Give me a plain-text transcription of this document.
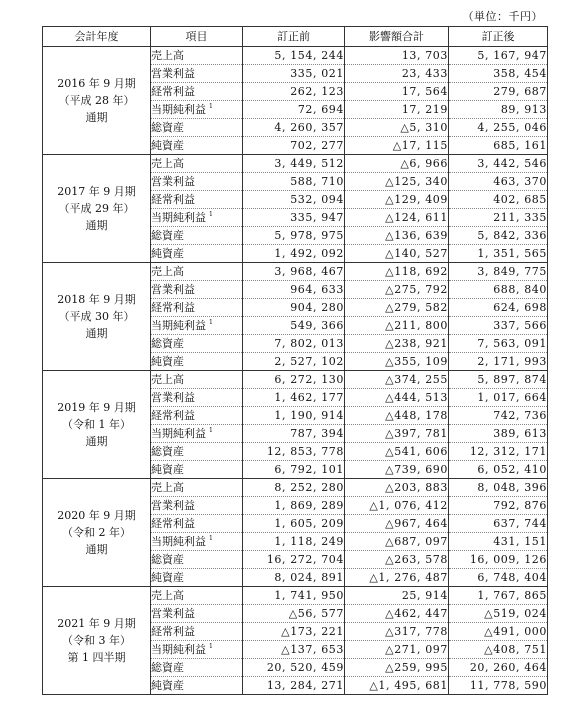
（単位：千円）
会計年度	項目	訂正前	影響額合計	訂正後

2016 年 9 月期
（平成 28 年）
通期	売上高	5, 154, 244	13, 703	5, 167, 947
	営業利益	335, 021	23, 433	358, 454
	経常利益	262, 123	17, 564	279, 687
	当期純利益 $^1$	72, 694	17, 219	89, 913
	総資産	4, 260, 357	△5, 310	4, 255, 046
	純資産	702, 277	△17, 115	685, 161

2017 年 9 月期
（平成 29 年）
通期	売上高	3, 449, 512	△6, 966	3, 442, 546
	営業利益	588, 710	△125, 340	463, 370
	経常利益	532, 094	△129, 409	402, 685
	当期純利益 $^1$	335, 947	△124, 611	211, 335
	総資産	5, 978, 975	△136, 639	5, 842, 336
	純資産	1, 492, 092	△140, 527	1, 351, 565

2018 年 9 月期
（平成 30 年）
通期	売上高	3, 968, 467	△118, 692	3, 849, 775
	営業利益	964, 633	△275, 792	688, 840
	経常利益	904, 280	△279, 582	624, 698
	当期純利益 $^1$	549, 366	△211, 800	337, 566
	総資産	7, 802, 013	△238, 921	7, 563, 091
	純資産	2, 527, 102	△355, 109	2, 171, 993

2019 年 9 月期
（令和 1 年）
通期	売上高	6, 272, 130	△374, 255	5, 897, 874
	営業利益	1, 462, 177	△444, 513	1, 017, 664
	経常利益	1, 190, 914	△448, 178	742, 736
	当期純利益 $^1$	787, 394	△397, 781	389, 613
	総資産	12, 853, 778	△541, 606	12, 312, 171
	純資産	6, 792, 101	△739, 690	6, 052, 410

2020 年 9 月期
（令和 2 年）
通期	売上高	8, 252, 280	△203, 883	8, 048, 396
	営業利益	1, 869, 289	△1, 076, 412	792, 876
	経常利益	1, 605, 209	△967, 464	637, 744
	当期純利益 $^1$	1, 118, 249	△687, 097	431, 151
	総資産	16, 272, 704	△263, 578	16, 009, 126
	純資産	8, 024, 891	△1, 276, 487	6, 748, 404

2021 年 9 月期
（令和 3 年）
第 1 四半期	売上高	1, 741, 950	25, 914	1, 767, 865
	営業利益	△56, 577	△462, 447	△519, 024
	経常利益	△173, 221	△317, 778	△491, 000
	当期純利益 $^1$	△137, 653	△271, 097	△408, 751
	総資産	20, 520, 459	△259, 995	20, 260, 464
	純資産	13, 284, 271	△1, 495, 681	11, 778, 590
